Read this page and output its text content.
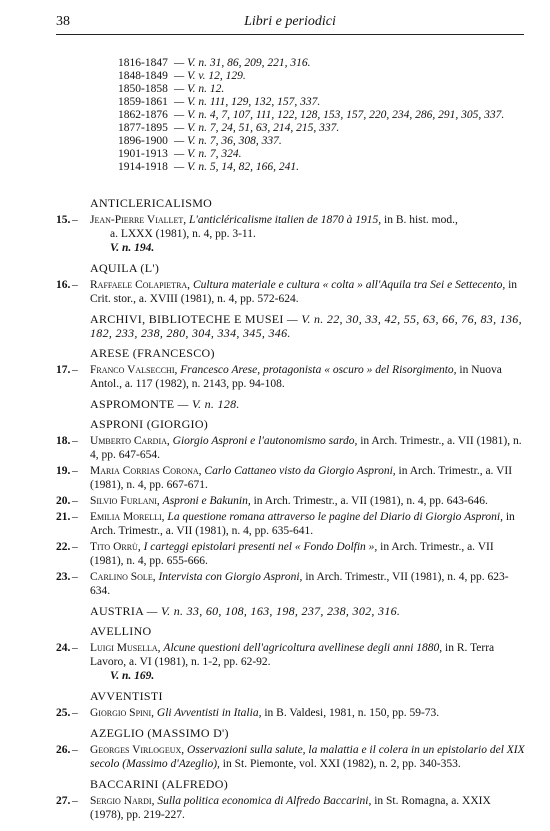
38	Libri e periodici
1816-1847 — V. n. 31, 86, 209, 221, 316.
1848-1849 — V. v. 12, 129.
1850-1858 — V. n. 12.
1859-1861 — V. n. 111, 129, 132, 157, 337.
1862-1876 — V. n. 4, 7, 107, 111, 122, 128, 153, 157, 220, 234, 286, 291, 305, 337.
1877-1895 — V. n. 7, 24, 51, 63, 214, 215, 337.
1896-1900 — V. n. 7, 36, 308, 337.
1901-1913 — V. n. 7, 324.
1914-1918 — V. n. 5, 14, 82, 166, 241.
ANTICLERICALISMO
15. – Jean-Pierre Viallet, L'anticléricalisme italien de 1870 à 1915, in B. hist. mod.,
a. LXXX (1981), n. 4, pp. 3-11.
V. n. 194.
AQUILA (L')
16. – Raffaele Colapietra, Cultura materiale e cultura « colta » all'Aquila tra Sei e Settecento, in Crit. stor., a. XVIII (1981), n. 4, pp. 572-624.
ARCHIVI, BIBLIOTECHE E MUSEI — V. n. 22, 30, 33, 42, 55, 63, 66, 76, 83, 136, 182, 233, 238, 280, 304, 334, 345, 346.
ARESE (FRANCESCO)
17. – Franco Valsecchi, Francesco Arese, protagonista « oscuro » del Risorgimento, in Nuova Antol., a. 117 (1982), n. 2143, pp. 94-108.
ASPROMONTE — V. n. 128.
ASPRONI (GIORGIO)
18. – Umberto Cardia, Giorgio Asproni e l'autonomismo sardo, in Arch. Trimestr., a. VII (1981), n. 4, pp. 647-654.
19. – Maria Corrias Corona, Carlo Cattaneo visto da Giorgio Asproni, in Arch. Trimestr., a. VII (1981), n. 4, pp. 667-671.
20. – Silvio Furlani, Asproni e Bakunin, in Arch. Trimestr., a. VII (1981), n. 4, pp. 643-646.
21. – Emilia Morelli, La questione romana attraverso le pagine del Diario di Giorgio Asproni, in Arch. Trimestr., a. VII (1981), n. 4, pp. 635-641.
22. – Tito Orrù, I carteggi epistolari presenti nel « Fondo Dolfin », in Arch. Trimestr., a. VII (1981), n. 4, pp. 655-666.
23. – Carlino Sole, Intervista con Giorgio Asproni, in Arch. Trimestr., VII (1981), n. 4, pp. 623-634.
AUSTRIA — V. n. 33, 60, 108, 163, 198, 237, 238, 302, 316.
AVELLINO
24. – Luigi Musella, Alcune questioni dell'agricoltura avellinese degli anni 1880, in R. Terra Lavoro, a. VI (1981), n. 1-2, pp. 62-92.
V. n. 169.
AVVENTISTI
25. – Giorgio Spini, Gli Avventisti in Italia, in B. Valdesi, 1981, n. 150, pp. 59-73.
AZEGLIO (MASSIMO D')
26. – Georges Virlogeux, Osservazioni sulla salute, la malattia e il colera in un epistolario del XIX secolo (Massimo d'Azeglio), in St. Piemonte, vol. XXI (1982), n. 2, pp. 340-353.
BACCARINI (ALFREDO)
27. – Sergio Nardi, Sulla politica economica di Alfredo Baccarini, in St. Romagna, a. XXIX (1978), pp. 219-227.
